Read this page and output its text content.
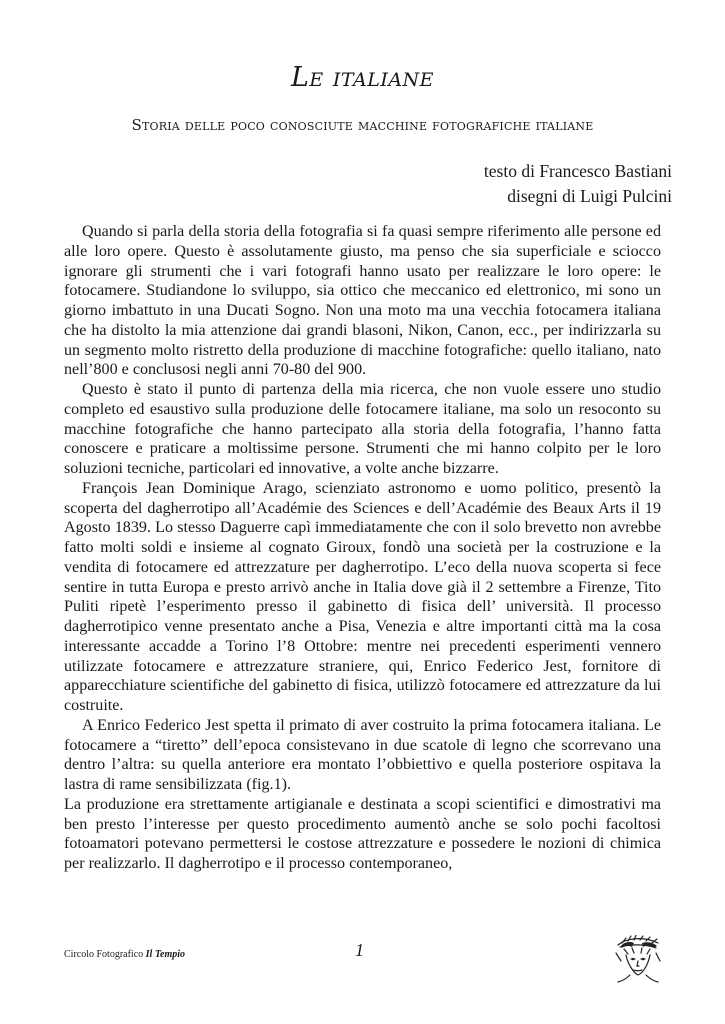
Le italiane
Storia delle poco conosciute macchine fotografiche italiane
testo di Francesco Bastiani
disegni di Luigi Pulcini

Quando si parla della storia della fotografia si fa quasi sempre riferimento alle persone ed alle loro opere. Questo è assolutamente giusto, ma penso che sia superficiale e sciocco ignorare gli strumenti che i vari fotografi hanno usato per realizzare le loro opere: le fotocamere. Studiandone lo sviluppo, sia ottico che meccanico ed elettronico, mi sono un giorno imbattuto in una Ducati Sogno. Non una moto ma una vecchia fotocamera italiana che ha distolto la mia attenzione dai grandi blasoni, Nikon, Canon, ecc., per indirizzarla su un segmento molto ristretto della produzione di macchine fotografiche: quello italiano, nato nell’800 e conclusosi negli anni 70-80 del 900.

Questo è stato il punto di partenza della mia ricerca, che non vuole essere uno studio completo ed esaustivo sulla produzione delle fotocamere italiane, ma solo un resoconto su macchine fotografiche che hanno partecipato alla storia della fotografia, l’hanno fatta conoscere e praticare a moltissime persone. Strumenti che mi hanno colpito per le loro soluzioni tecniche, particolari ed innovative, a volte anche bizzarre.

François Jean Dominique Arago, scienziato astronomo e uomo politico, presentò la scoperta del dagherrotipo all’Académie des Sciences e dell’Académie des Beaux Arts il 19 Agosto 1839. Lo stesso Daguerre capì immediatamente che con il solo brevetto non avrebbe fatto molti soldi e insieme al cognato Giroux, fondò una società per la costruzione e la vendita di fotocamere ed attrezzature per dagherrotipo. L’eco della nuova scoperta si fece sentire in tutta Europa e presto arrivò anche in Italia dove già il 2 settembre a Firenze, Tito Puliti ripetè l’esperimento presso il gabinetto di fisica dell’ università. Il processo dagherrotipico venne presentato anche a Pisa, Venezia e altre importanti città ma la cosa interessante accadde a Torino l’8 Ottobre: mentre nei precedenti esperimenti vennero utilizzate fotocamere e attrezzature straniere, qui, Enrico Federico Jest, fornitore di apparecchiature scientifiche del gabinetto di fisica, utilizzò fotocamere ed attrezzature da lui costruite.

A Enrico Federico Jest spetta il primato di aver costruito la prima fotocamera italiana. Le fotocamere a “tiretto” dell’epoca consistevano in due scatole di legno che scorrevano una dentro l’altra: su quella anteriore era montato l’obbiettivo e quella posteriore ospitava la lastra di rame sensibilizzata (fig.1).

La produzione era strettamente artigianale e destinata a scopi scientifici e dimostrativi ma ben presto l’interesse per questo procedimento aumentò anche se solo pochi facoltosi fotoamatori potevano permettersi le costose attrezzature e possedere le nozioni di chimica per realizzarlo. Il dagherrotipo e il processo contemporaneo,

Circolo Fotografico Il Tempio	1
